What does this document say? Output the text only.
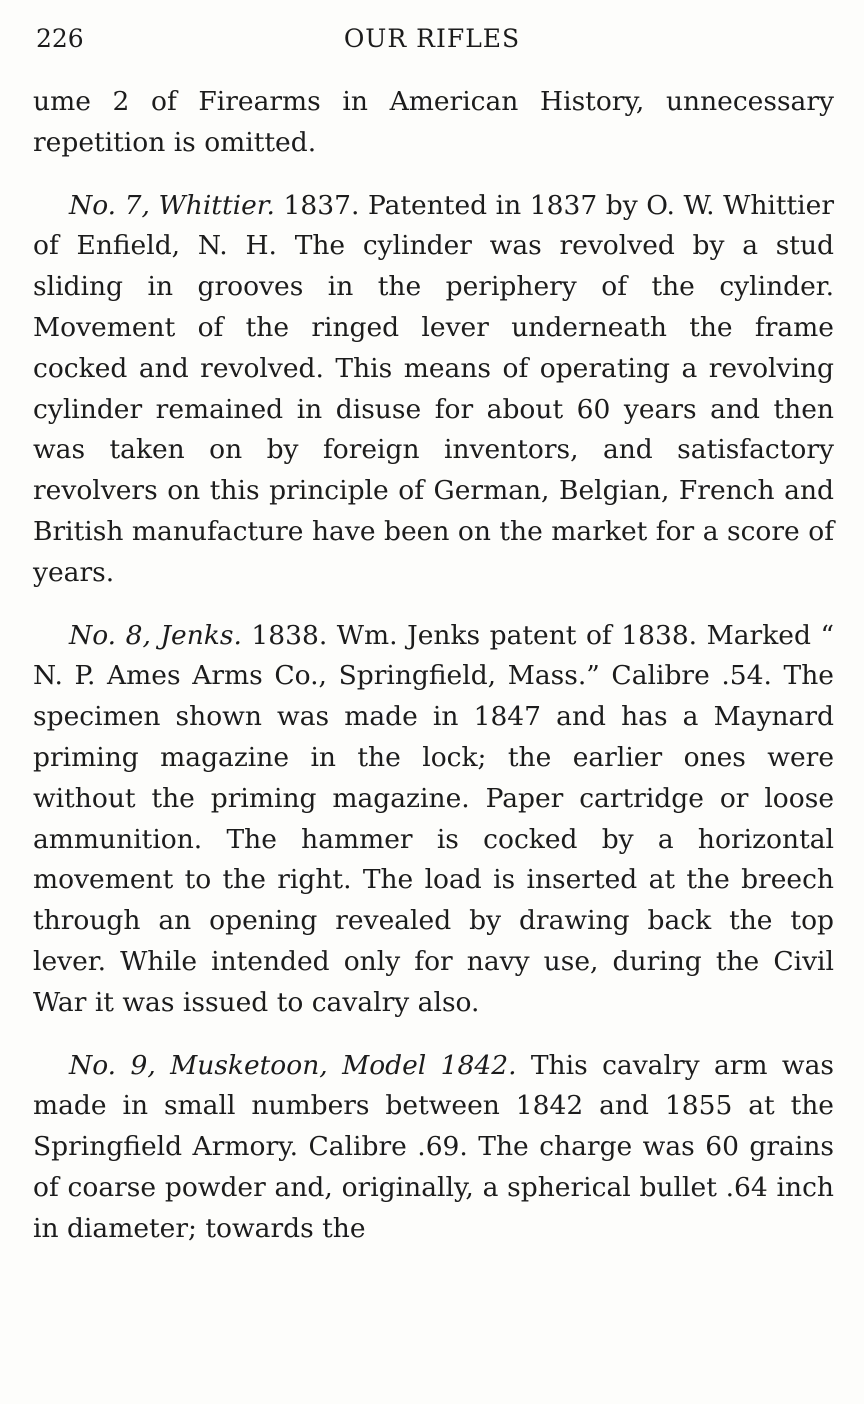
226	OUR RIFLES

ume 2 of Firearms in American History, unnecessary repetition is omitted.

No. 7, Whittier. 1837. Patented in 1837 by O. W. Whittier of Enfield, N. H. The cylinder was revolved by a stud sliding in grooves in the periphery of the cylinder. Movement of the ringed lever underneath the frame cocked and revolved. This means of operating a revolving cylinder remained in disuse for about 60 years and then was taken on by foreign inventors, and satisfactory revolvers on this principle of German, Belgian, French and British manufacture have been on the market for a score of years.

No. 8, Jenks. 1838. Wm. Jenks patent of 1838. Marked “ N. P. Ames Arms Co., Springfield, Mass.” Calibre .54. The specimen shown was made in 1847 and has a Maynard priming magazine in the lock; the earlier ones were without the priming magazine. Paper cartridge or loose ammunition. The hammer is cocked by a horizontal movement to the right. The load is inserted at the breech through an opening revealed by drawing back the top lever. While intended only for navy use, during the Civil War it was issued to cavalry also.

No. 9, Musketoon, Model 1842. This cavalry arm was made in small numbers between 1842 and 1855 at the Springfield Armory. Calibre .69. The charge was 60 grains of coarse powder and, originally, a spherical bullet .64 inch in diameter; towards the
